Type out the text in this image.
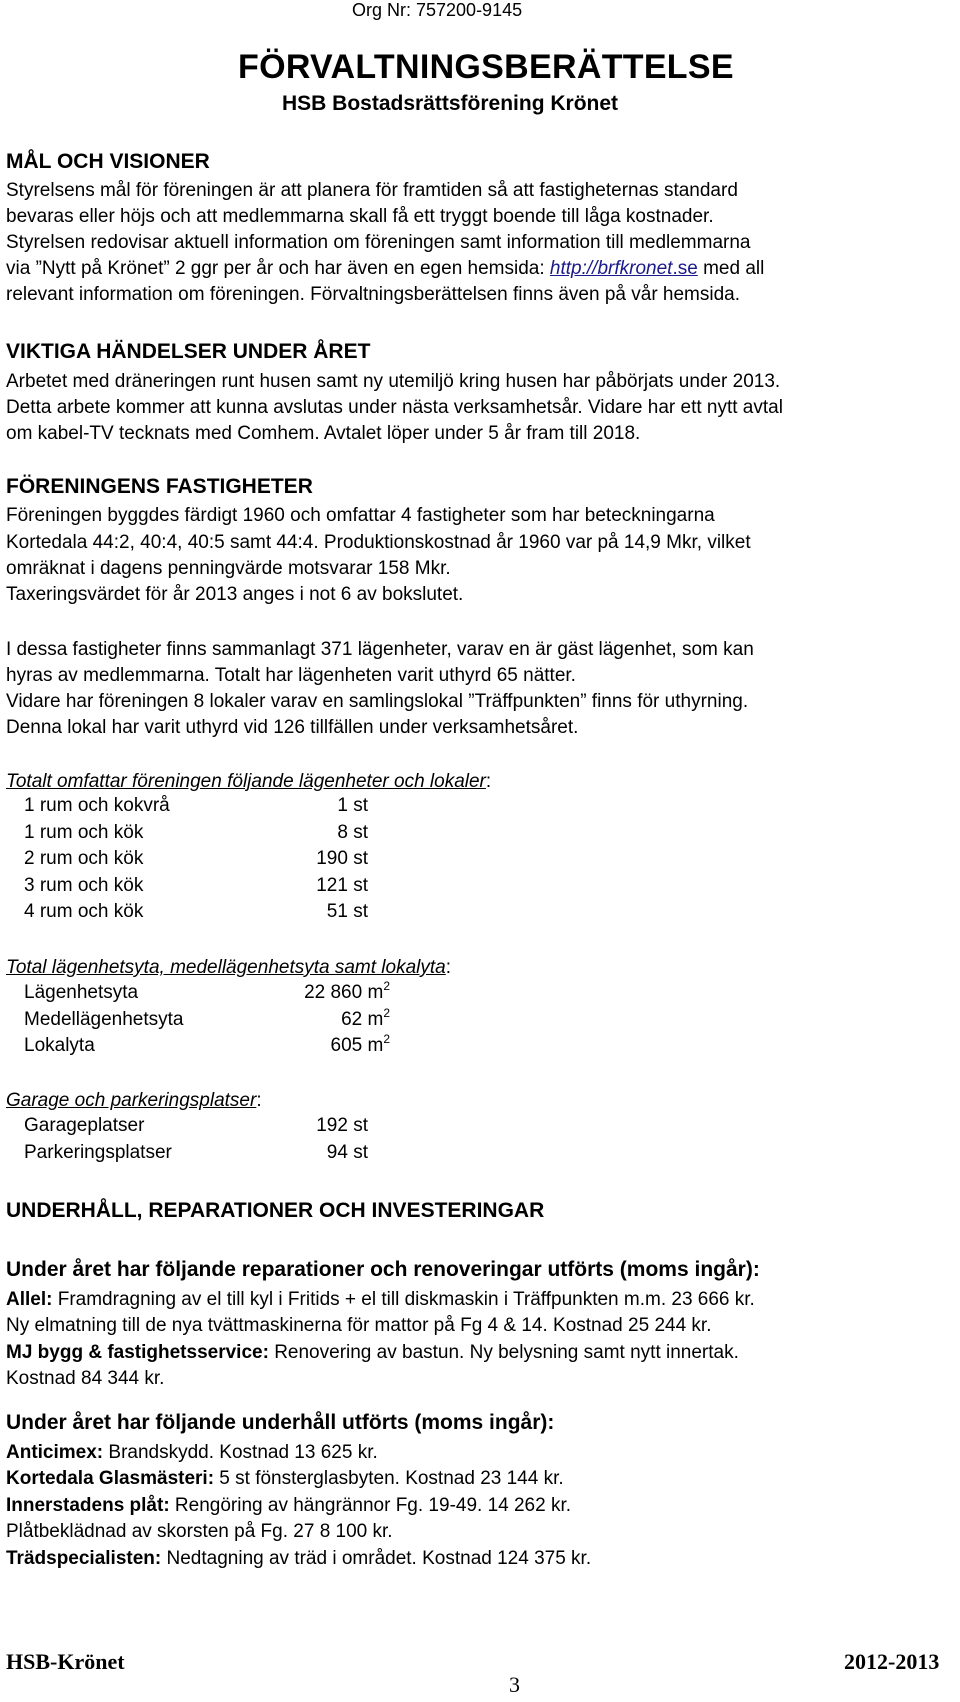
Org Nr: 757200-9145
FÖRVALTNINGSBERÄTTELSE
HSB Bostadsrättsförening Krönet
MÅL OCH VISIONER
Styrelsens mål för föreningen är att planera för framtiden så att fastigheternas standard
bevaras eller höjs och att medlemmarna skall få ett tryggt boende till låga kostnader.
Styrelsen redovisar aktuell information om föreningen samt information till medlemmarna
via ”Nytt på Krönet” 2 ggr per år och har även en egen hemsida: http://brfkronet.se med all
relevant information om föreningen. Förvaltningsberättelsen finns även på vår hemsida.
VIKTIGA HÄNDELSER UNDER ÅRET
Arbetet med dräneringen runt husen samt ny utemiljö kring husen har påbörjats under 2013.
Detta arbete kommer att kunna avslutas under nästa verksamhetsår. Vidare har ett nytt avtal
om kabel-TV tecknats med Comhem. Avtalet löper under 5 år fram till 2018.
FÖRENINGENS FASTIGHETER
Föreningen byggdes färdigt 1960 och omfattar 4 fastigheter som har beteckningarna
Kortedala 44:2, 40:4, 40:5 samt 44:4. Produktionskostnad år 1960 var på 14,9 Mkr, vilket
omräknat i dagens penningvärde motsvarar 158 Mkr.
Taxeringsvärdet för år 2013 anges i not 6 av bokslutet.
I dessa fastigheter finns sammanlagt 371 lägenheter, varav en är gäst lägenhet, som kan
hyras av medlemmarna. Totalt har lägenheten varit uthyrd 65 nätter.
Vidare har föreningen 8 lokaler varav en samlingslokal ”Träffpunkten” finns för uthyrning.
Denna lokal har varit uthyrd vid 126 tillfällen under verksamhetsåret.
Totalt omfattar föreningen följande lägenheter och lokaler:
1 rum och kokvrå	1 st
1 rum och kök	8 st
2 rum och kök	190 st
3 rum och kök	121 st
4 rum och kök	51 st
Total lägenhetsyta, medellägenhetsyta samt lokalyta:
Lägenhetsyta	22 860 $m^2$
Medellägenhetsyta	62 $m^2$
Lokalyta	605 $m^2$
Garage och parkeringsplatser:
Garageplatser	192 st
Parkeringsplatser	94 st
UNDERHÅLL, REPARATIONER OCH INVESTERINGAR
Under året har följande reparationer och renoveringar utförts (moms ingår):
Allel: Framdragning av el till kyl i Fritids + el till diskmaskin i Träffpunkten m.m. 23 666 kr.
Ny elmatning till de nya tvättmaskinerna för mattor på Fg 4 & 14. Kostnad 25 244 kr.
MJ bygg & fastighetsservice: Renovering av bastun. Ny belysning samt nytt innertak.
Kostnad 84 344 kr.
Under året har följande underhåll utförts (moms ingår):
Anticimex: Brandskydd. Kostnad 13 625 kr.
Kortedala Glasmästeri: 5 st fönsterglasbyten. Kostnad 23 144 kr.
Innerstadens plåt: Rengöring av hängrännor Fg. 19-49. 14 262 kr.
Plåtbeklädnad av skorsten på Fg. 27 8 100 kr.
Trädspecialisten: Nedtagning av träd i området. Kostnad 124 375 kr.
HSB-Krönet
3
2012-2013
